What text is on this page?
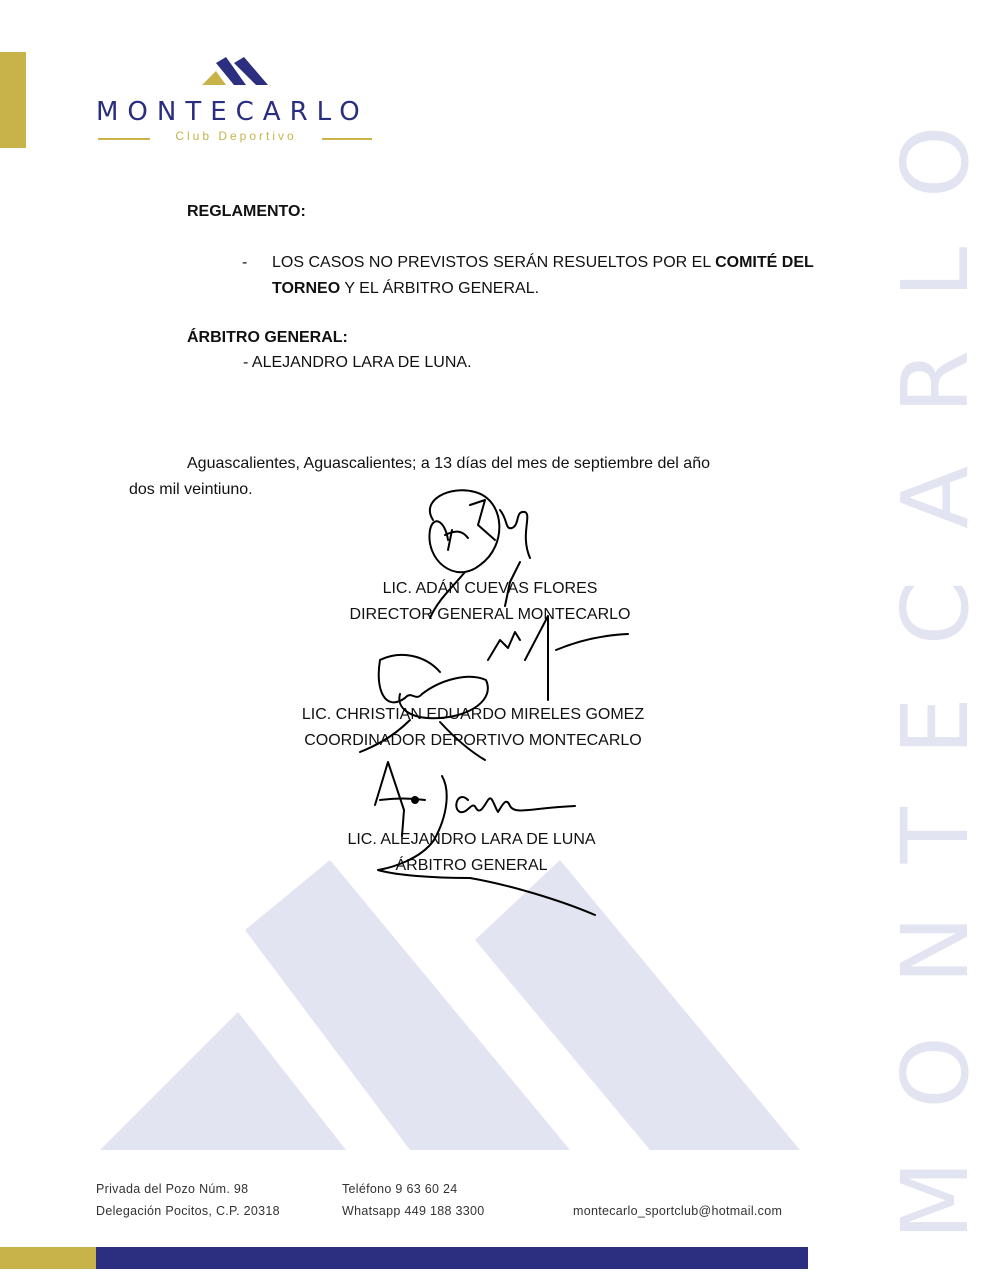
MONTECARLO
MONTECARLO
Club Deportivo
REGLAMENTO:
- LOS CASOS NO PREVISTOS SERÁN RESUELTOS POR EL COMITÉ DEL
TORNEO Y EL ÁRBITRO GENERAL.
ÁRBITRO GENERAL:
- ALEJANDRO LARA DE LUNA.
Aguascalientes, Aguascalientes; a 13 días del mes de septiembre del año
dos mil veintiuno.
LIC. ADÁN CUEVAS FLORES
DIRECTOR GENERAL MONTECARLO
LIC. CHRISTIAN EDUARDO MIRELES GOMEZ
COORDINADOR DEPORTIVO MONTECARLO
LIC. ALEJANDRO LARA DE LUNA
ÁRBITRO GENERAL
Privada del Pozo Núm. 98
Delegación Pocitos, C.P. 20318
Teléfono 9 63 60 24
Whatsapp 449 188 3300	montecarlo_sportclub@hotmail.com
